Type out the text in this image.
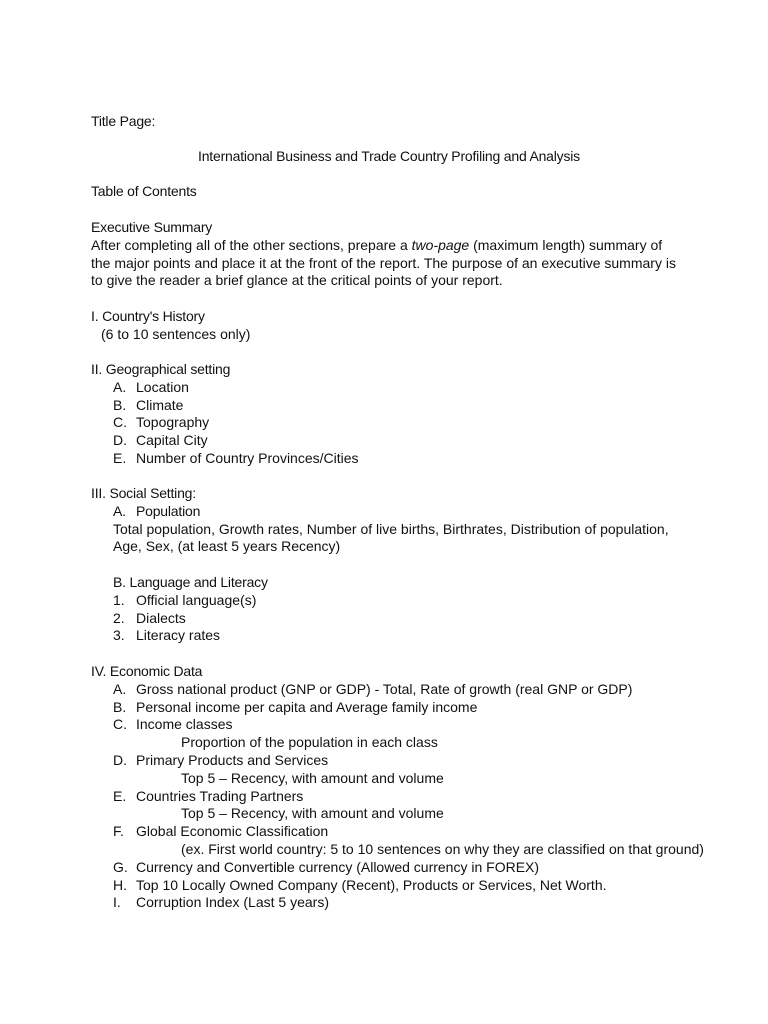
Title Page:
International Business and Trade Country Profiling and Analysis
Table of Contents
Executive Summary

After completing all of the other sections, prepare a two-page (maximum length) summary of the major points and place it at the front of the report. The purpose of an executive summary is to give the reader a brief glance at the critical points of your report.

I. Country's History
(6 to 10 sentences only)
II. Geographical setting
A. Location
B. Climate
C. Topography
D. Capital City
E. Number of Country Provinces/Cities
III. Social Setting:
A. Population

Total population, Growth rates, Number of live births, Birthrates, Distribution of population, Age, Sex, (at least 5 years Recency)

B. Language and Literacy
1. Official language(s)
2. Dialects
3. Literacy rates
IV. Economic Data
A. Gross national product (GNP or GDP) - Total, Rate of growth (real GNP or GDP)
B. Personal income per capita and Average family income
C. Income classes
Proportion of the population in each class
D. Primary Products and Services
Top 5 – Recency, with amount and volume
E. Countries Trading Partners
Top 5 – Recency, with amount and volume
F. Global Economic Classification
(ex. First world country: 5 to 10 sentences on why they are classified on that ground)
G. Currency and Convertible currency (Allowed currency in FOREX)
H. Top 10 Locally Owned Company (Recent), Products or Services, Net Worth.
I. Corruption Index (Last 5 years)
